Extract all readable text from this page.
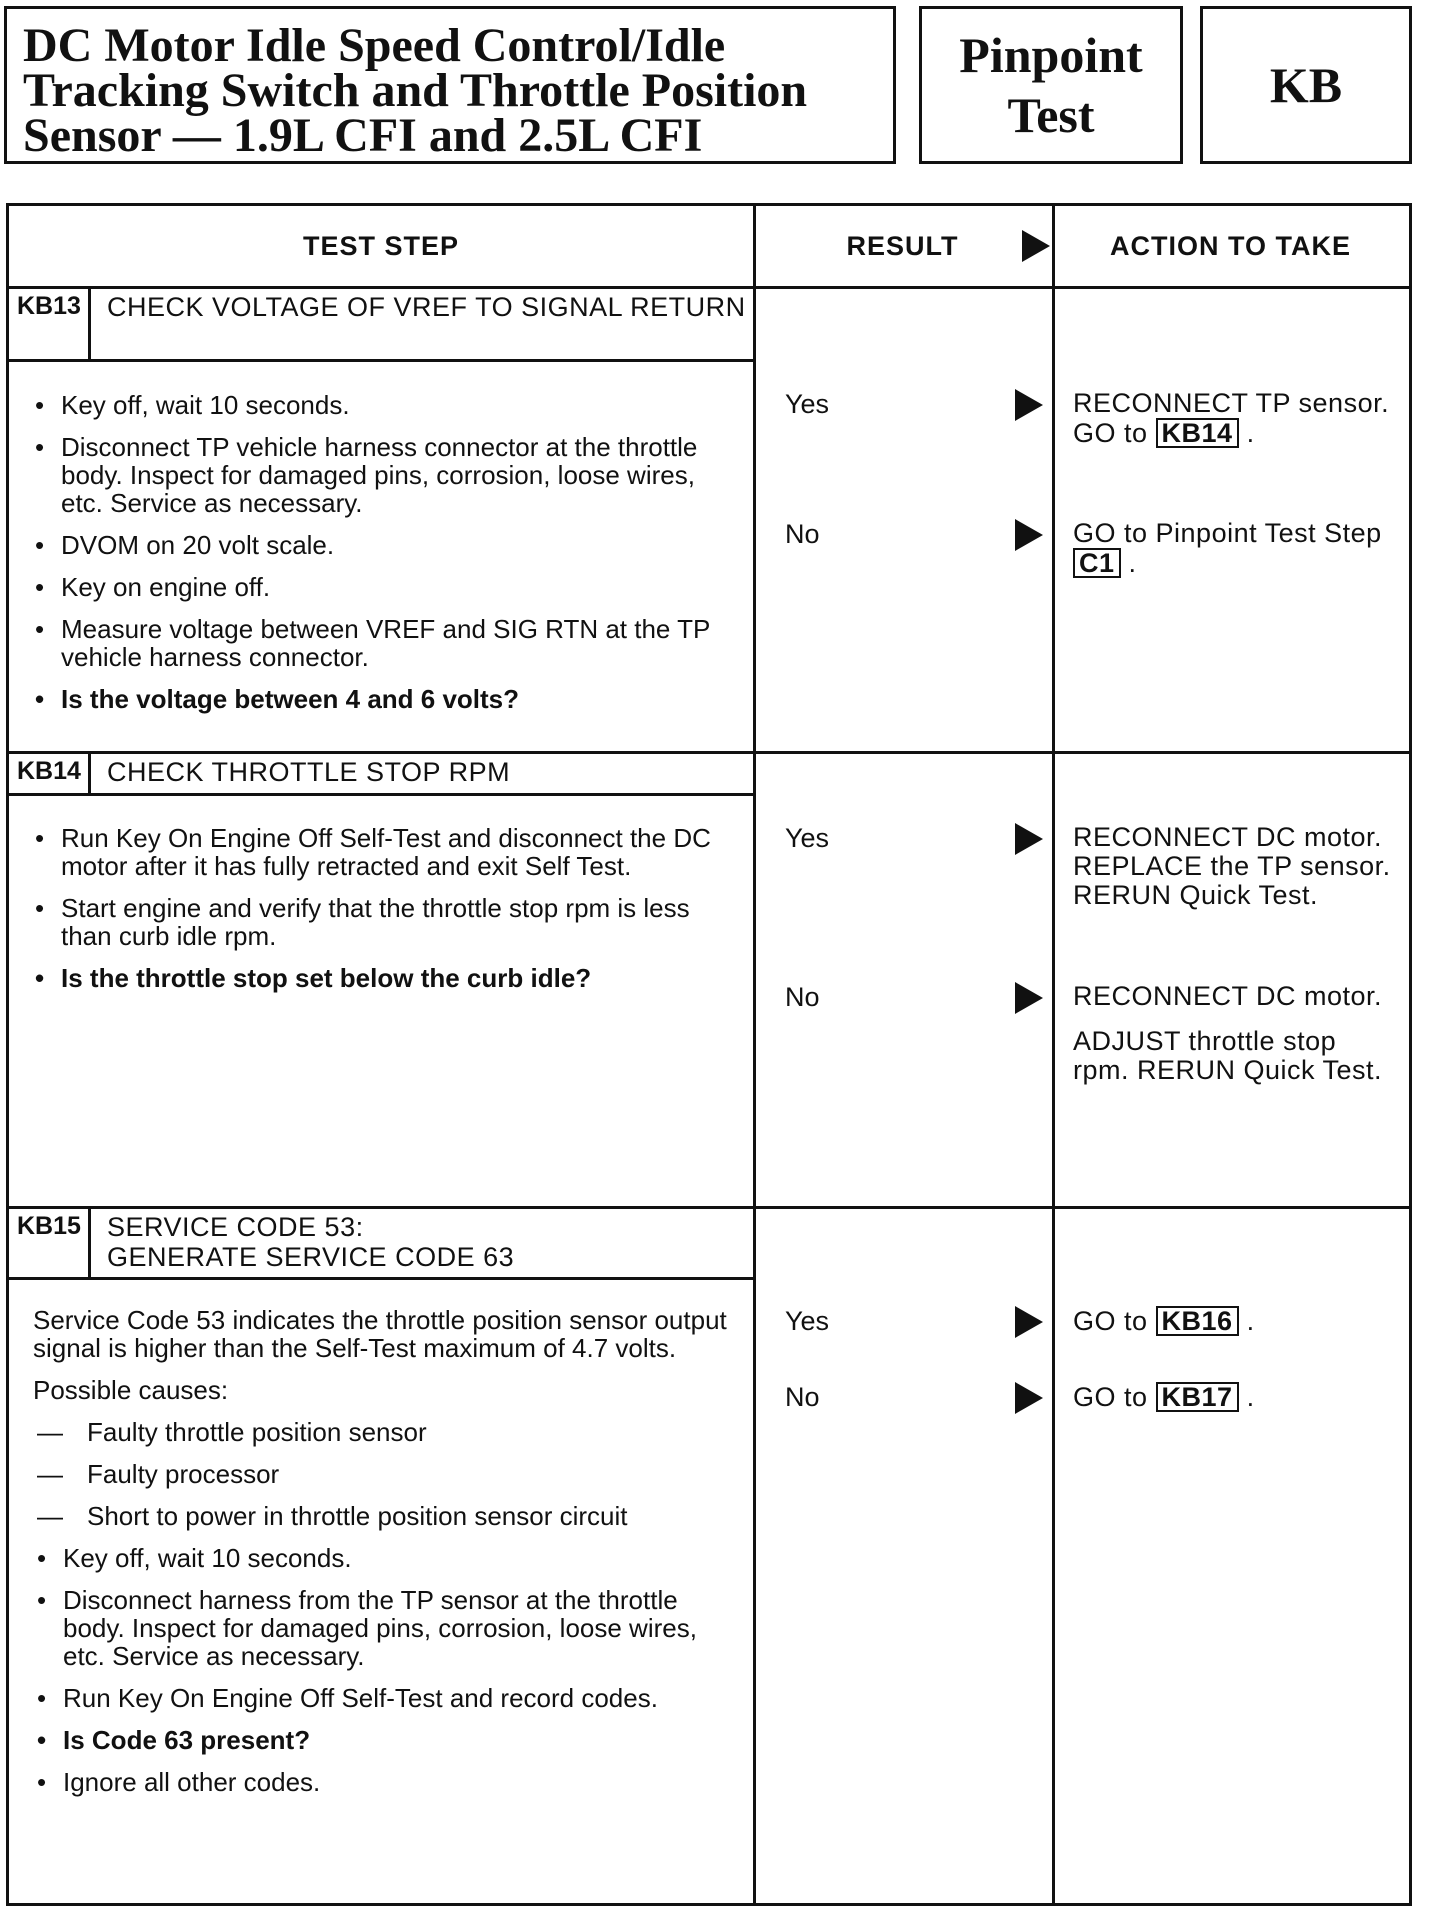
DC Motor Idle Speed Control/Idle
Tracking Switch and Throttle Position
Sensor — 1.9L CFI and 2.5L CFI
Pinpoint
Test
KB
TEST STEP	RESULT	ACTION TO TAKE
KB13 CHECK VOLTAGE OF VREF TO SIGNAL RETURN
• Key off, wait 10 seconds.
• Disconnect TP vehicle harness connector at the throttle body. Inspect for damaged pins, corrosion, loose wires, etc. Service as necessary.
• DVOM on 20 volt scale.
• Key on engine off.
• Measure voltage between VREF and SIG RTN at the TP vehicle harness connector.
• Is the voltage between 4 and 6 volts?
Yes	RECONNECT TP sensor.
GO to KB14 .
No	GO to Pinpoint Test Step C1 .
KB14 CHECK THROTTLE STOP RPM
• Run Key On Engine Off Self-Test and disconnect the DC motor after it has fully retracted and exit Self Test.
• Start engine and verify that the throttle stop rpm is less than curb idle rpm.
• Is the throttle stop set below the curb idle?
Yes	RECONNECT DC motor. REPLACE the TP sensor. RERUN Quick Test.
No	RECONNECT DC motor.

ADJUST throttle stop rpm. RERUN Quick Test.

KB15 SERVICE CODE 53:
GENERATE SERVICE CODE 63

Service Code 53 indicates the throttle position sensor output signal is higher than the Self-Test maximum of 4.7 volts.

Possible causes:

— Faulty throttle position sensor
— Faulty processor
— Short to power in throttle position sensor circuit
• Key off, wait 10 seconds.
• Disconnect harness from the TP sensor at the throttle body. Inspect for damaged pins, corrosion, loose wires, etc. Service as necessary.
• Run Key On Engine Off Self-Test and record codes.
• Is Code 63 present?
• Ignore all other codes.
Yes	GO to KB16 .
No	GO to KB17 .
